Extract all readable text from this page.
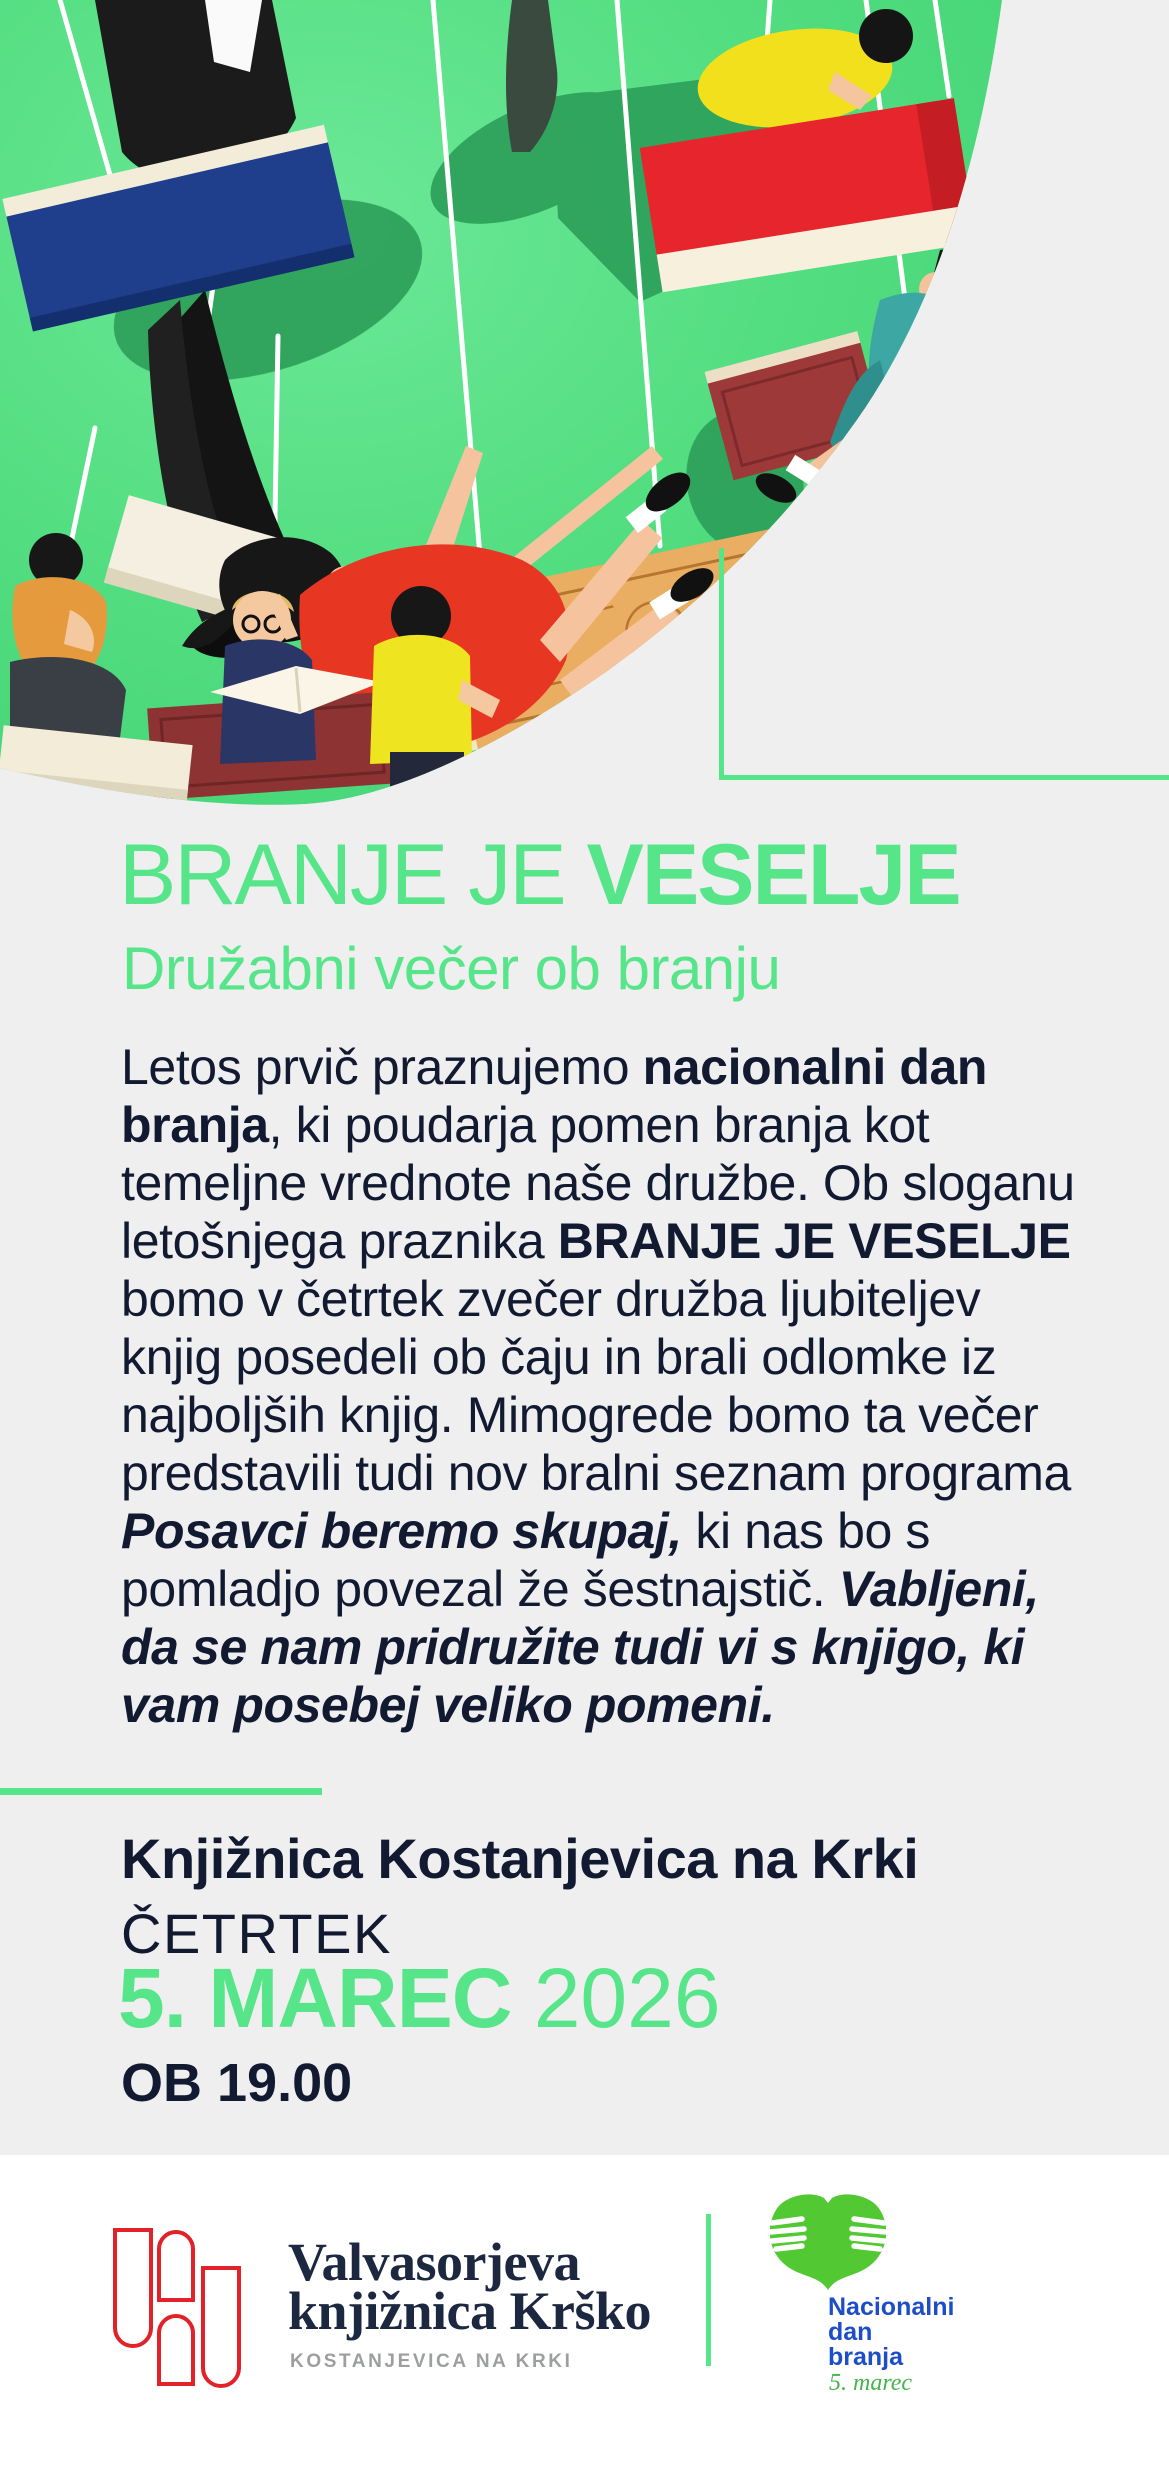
BRANJE JE VESELJE
Družabni večer ob branju

Letos prvič praznujemo nacionalni dan branja, ki poudarja pomen branja kot temeljne vrednote naše družbe. Ob sloganu letošnjega praznika BRANJE JE VESELJE bomo v četrtek zvečer družba ljubiteljev knjig posedeli ob čaju in brali odlomke iz najboljših knjig. Mimogrede bomo ta večer predstavili tudi nov bralni seznam programa Posavci beremo skupaj, ki nas bo s pomladjo povezal že šestnajstič. Vabljeni, da se nam pridružite tudi vi s knjigo, ki vam posebej veliko pomeni.

Knjižnica Kostanjevica na Krki

ČETRTEK

5. MAREC 2026

OB 19.00

Valvasorjeva
knjižnica Krško

KOSTANJEVICA NA KRKI

Nacionalni
dan
branja

5. marec
